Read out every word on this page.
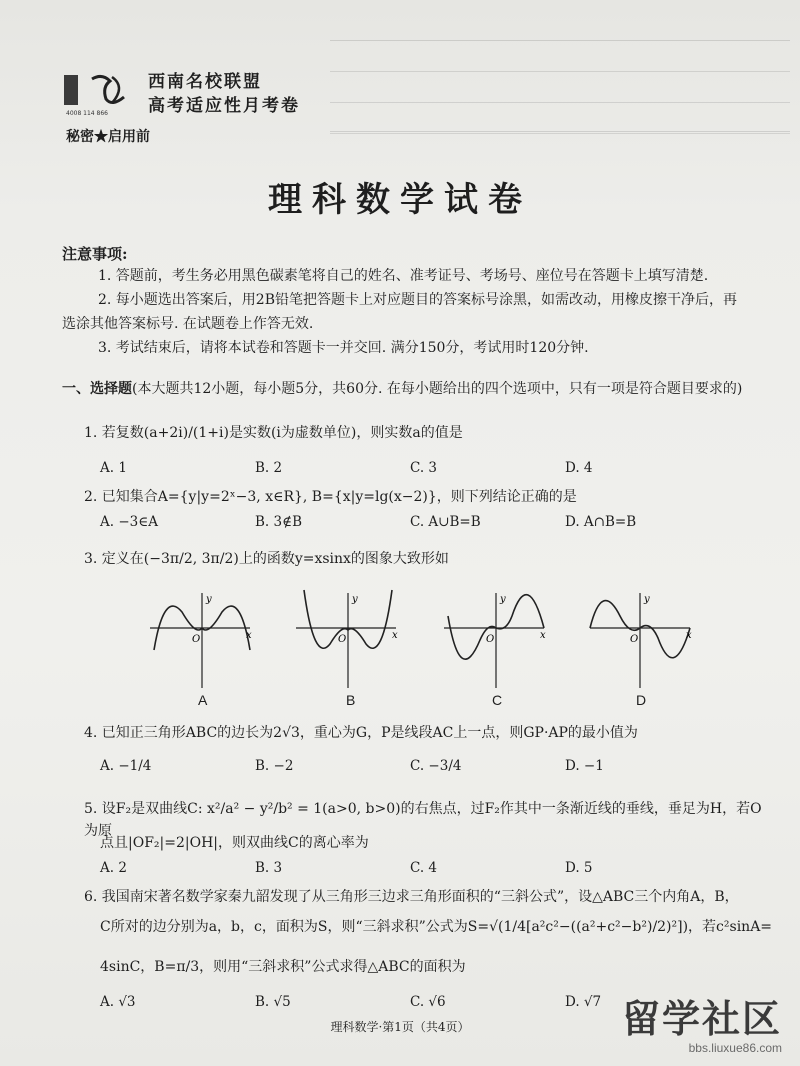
4008 114 866
西南名校联盟
高考适应性月考卷
秘密★启用前
理科数学试卷
注意事项:

1. 答题前，考生务必用黑色碳素笔将自己的姓名、准考证号、考场号、座位号在答题卡上填写清楚.

2. 每小题选出答案后，用2B铅笔把答题卡上对应题目的答案标号涂黑，如需改动，用橡皮擦干净后，再

选涂其他答案标号. 在试题卷上作答无效.

3. 考试结束后，请将本试卷和答题卡一并交回. 满分150分，考试用时120分钟.

一、选择题(本大题共12小题，每小题5分，共60分. 在每小题给出的四个选项中，只有一项是符合题目要求的)
1. 若复数(a+2i)/(1+i)是实数(i为虚数单位)，则实数a的值是
A. 1	B. 2	C. 3	D. 4
2. 已知集合A={y|y=2ˣ−3, x∈R}, B={x|y=lg(x−2)}，则下列结论正确的是
A. −3∈A	B. 3∉B	C. A∪B=B	D. A∩B=B
3. 定义在(−3π/2, 3π/2)上的函数y=xsinx的图象大致形如
y
x
O
y
x
O
y
x
O
y
x
O
A	B	C	D
4. 已知正三角形ABC的边长为2√3，重心为G，P是线段AC上一点，则GP·AP的最小值为
A. −1/4	B. −2	C. −3/4	D. −1
5. 设F₂是双曲线C: x²/a² − y²/b² = 1(a>0, b>0)的右焦点，过F₂作其中一条渐近线的垂线，垂足为H，若O为原
点且|OF₂|=2|OH|，则双曲线C的离心率为
A. 2	B. 3	C. 4	D. 5
6. 我国南宋著名数学家秦九韶发现了从三角形三边求三角形面积的“三斜公式”，设△ABC三个内角A，B，
C所对的边分别为a，b，c，面积为S，则“三斜求积”公式为S=√(1/4[a²c²−((a²+c²−b²)/2)²])，若c²sinA=
4sinC，B=π/3，则用“三斜求积”公式求得△ABC的面积为
A. √3	B. √5	C. √6	D. √7
理科数学·第1页（共4页）	留学社区
bbs.liuxue86.com
